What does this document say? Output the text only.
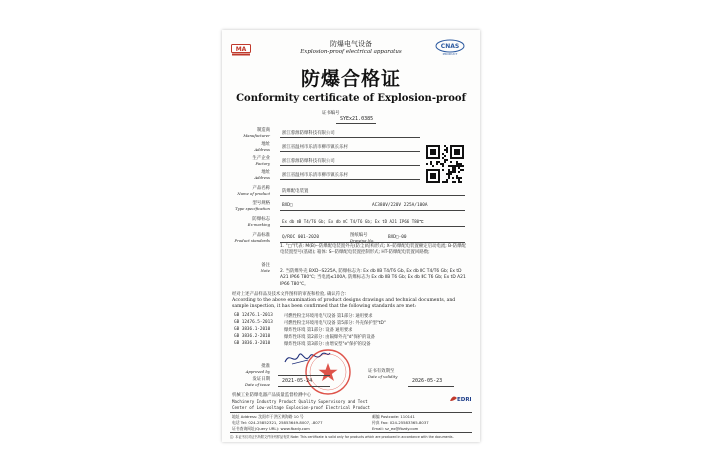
MA	CNAS
PRODUCT
防爆电气设备
Explosion-proof electrical apparatus
防爆合格证
Conformity certificate of Explosion-proof
证书编号
SYEx21.0385
制造商
Manufacturer	浙江蓉源防爆科技有限公司
地址
Address	浙江省温州市乐清市柳市镇长乐村
生产企业
Factory	浙江蓉源防爆科技有限公司
地址
Address	浙江省温州市乐清市柳市镇长乐村
产品名称
Name of product	防爆配电装置
型号规格
Type specification
BXD□	AC380V/220V 225A/100A
防爆标志
Ex-marking
Ex db ⅡB T4/T6 Gb; Ex db ⅡC T4/T6 Gb; Ex tD A21 IP66 T80℃
产品标准
Product standards
Q/ROC 001-2020	图纸编号
Drawing No.
BXD□-00
备注
Note
1. "□"代表: M(B)--防爆配电装置外壳(防尘)结构形式; X--防爆配电装置额定启动电流; B-防爆配电装置型号(基础); 箱体: S--防爆配电装置控制形式; HT-防爆配电装置回路数;
2. 当防爆外壳 BXD--S225A, 防爆标志为: Ex db ⅡB T4/T6 Gb, Ex db ⅡC T4/T6 Gb; Ex tD A21 IP66 T80℃; 当电流≤100A, 防爆标志为 Ex db ⅡB T6 Gb; Ex db ⅡC T6 Gb; Ex tD A21 IP66 T80℃。
经对上述产品样品及技术文件图样的审查和检验, 确认符合:
According to the above examination of product designs drawings and technical documents, and sample inspection, it has been confirmed that the following standards are met:
GB 12476.1-2013	可燃性粉尘环境用电气设备 第1部分: 通用要求
GB 12476.5-2013	可燃性粉尘环境用电气设备 第5部分: 外壳保护型"tD"
GB 3836.1-2010	爆炸性环境 第1部分: 设备 通用要求
GB 3836.2-2010	爆炸性环境 第2部分: 由隔爆外壳"d"保护的设备
GB 3836.3-2010	爆炸性环境 第3部分: 由增安型"e"保护的设备
批准
Approved by
发证日期
Date of issue
2021-05-24
证书有效期至
Date of validity
2026-05-23
EDRI
机械工业防爆电器产品质量监督检测中心
Machinery Industry Product Quality Supervisory and Test
Center of Low-voltage Explosion-proof Electrical Product
地址 Address: 沈阳市于洪区黄海路 10 号	邮编 Postcode: 110141
电话 Tel: 024-25852321, 25853649-8007, -8077	传真 Fax: 024-25583365-8037
证书查询网址(Query URL): www.fbzdy.com	Email: sz_ex@fbzdy.com
注: 本证书仅对证书所附文件所列样品有效 Note: This certificate is valid only for products which are produced in accordance with the documents.
